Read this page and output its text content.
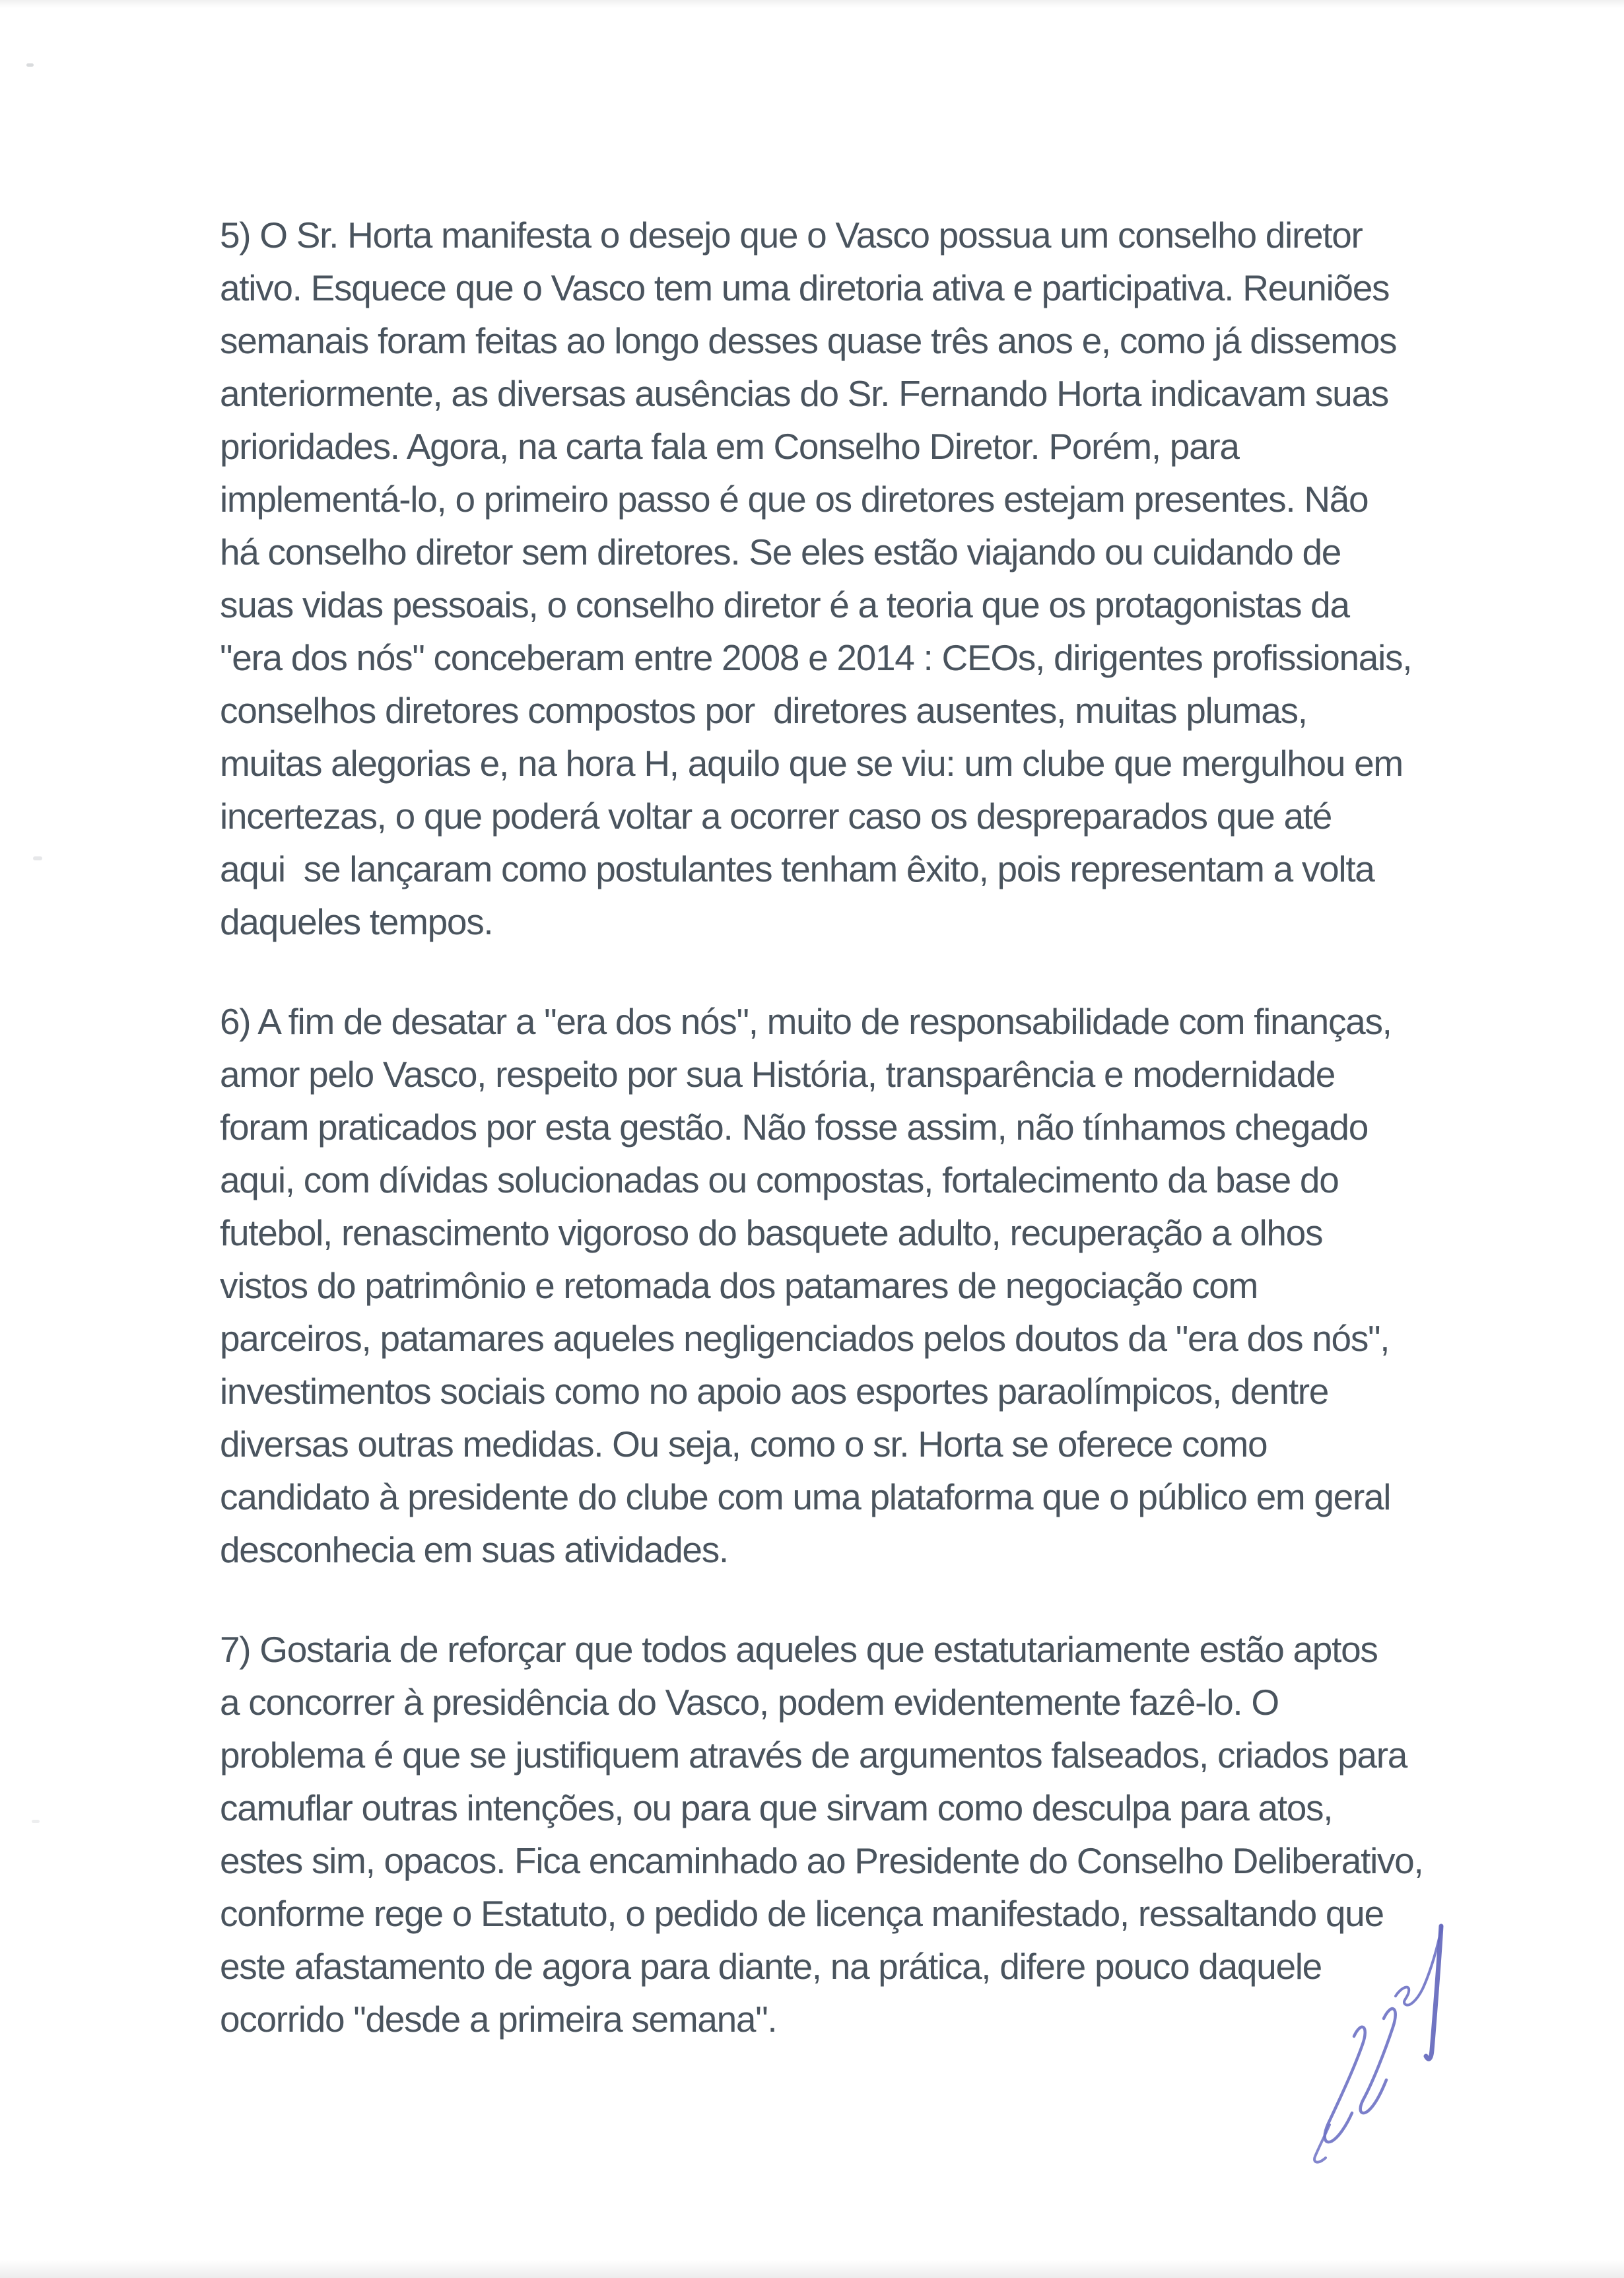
5) O Sr. Horta manifesta o desejo que o Vasco possua um conselho diretor
ativo. Esquece que o Vasco tem uma diretoria ativa e participativa. Reuniões
semanais foram feitas ao longo desses quase três anos e, como já dissemos
anteriormente, as diversas ausências do Sr. Fernando Horta indicavam suas
prioridades. Agora, na carta fala em Conselho Diretor. Porém, para
implementá-lo, o primeiro passo é que os diretores estejam presentes. Não
há conselho diretor sem diretores. Se eles estão viajando ou cuidando de
suas vidas pessoais, o conselho diretor é a teoria que os protagonistas da
"era dos nós" conceberam entre 2008 e 2014 : CEOs, dirigentes profissionais,
conselhos diretores compostos por  diretores ausentes, muitas plumas,
muitas alegorias e, na hora H, aquilo que se viu: um clube que mergulhou em
incertezas, o que poderá voltar a ocorrer caso os despreparados que até
aqui  se lançaram como postulantes tenham êxito, pois representam a volta
daqueles tempos.
6) A fim de desatar a "era dos nós", muito de responsabilidade com finanças,
amor pelo Vasco, respeito por sua História, transparência e modernidade
foram praticados por esta gestão. Não fosse assim, não tínhamos chegado
aqui, com dívidas solucionadas ou compostas, fortalecimento da base do
futebol, renascimento vigoroso do basquete adulto, recuperação a olhos
vistos do patrimônio e retomada dos patamares de negociação com
parceiros, patamares aqueles negligenciados pelos doutos da "era dos nós",
investimentos sociais como no apoio aos esportes paraolímpicos, dentre
diversas outras medidas. Ou seja, como o sr. Horta se oferece como
candidato à presidente do clube com uma plataforma que o público em geral
desconhecia em suas atividades.
7) Gostaria de reforçar que todos aqueles que estatutariamente estão aptos
a concorrer à presidência do Vasco, podem evidentemente fazê-lo. O
problema é que se justifiquem através de argumentos falseados, criados para
camuflar outras intenções, ou para que sirvam como desculpa para atos,
estes sim, opacos. Fica encaminhado ao Presidente do Conselho Deliberativo,
conforme rege o Estatuto, o pedido de licença manifestado, ressaltando que
este afastamento de agora para diante, na prática, difere pouco daquele
ocorrido "desde a primeira semana".
